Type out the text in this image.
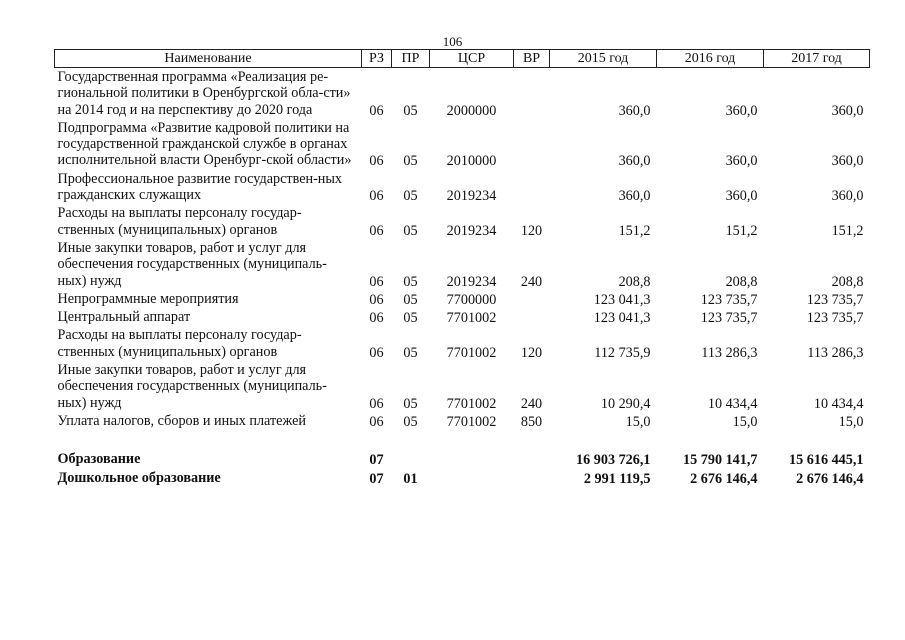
106
Наименование	РЗ	ПР	ЦСР	ВР	2015 год	2016 год	2017 год
Государственная программа «Реализация ре-гиональной политики в Оренбургской обла-сти» на 2014 год и на перспективу до 2020 года	06	05	2000000		360,0	360,0	360,0
Подпрограмма «Развитие кадровой политики на государственной гражданской службе в органах исполнительной власти Оренбург-ской области»	06	05	2010000		360,0	360,0	360,0
Профессиональное развитие государствен-ных гражданских служащих	06	05	2019234		360,0	360,0	360,0
Расходы на выплаты персоналу государ-ственных (муниципальных) органов	06	05	2019234	120	151,2	151,2	151,2
Иные закупки товаров, работ и услуг для обеспечения государственных (муниципаль-ных) нужд	06	05	2019234	240	208,8	208,8	208,8
Непрограммные мероприятия	06	05	7700000		123 041,3	123 735,7	123 735,7
Центральный аппарат	06	05	7701002		123 041,3	123 735,7	123 735,7
Расходы на выплаты персоналу государ-ственных (муниципальных) органов	06	05	7701002	120	112 735,9	113 286,3	113 286,3
Иные закупки товаров, работ и услуг для обеспечения государственных (муниципаль-ных) нужд	06	05	7701002	240	10 290,4	10 434,4	10 434,4
Уплата налогов, сборов и иных платежей	06	05	7701002	850	15,0	15,0	15,0

Образование	07				16 903 726,1	15 790 141,7	15 616 445,1
Дошкольное образование	07	01			2 991 119,5	2 676 146,4	2 676 146,4
